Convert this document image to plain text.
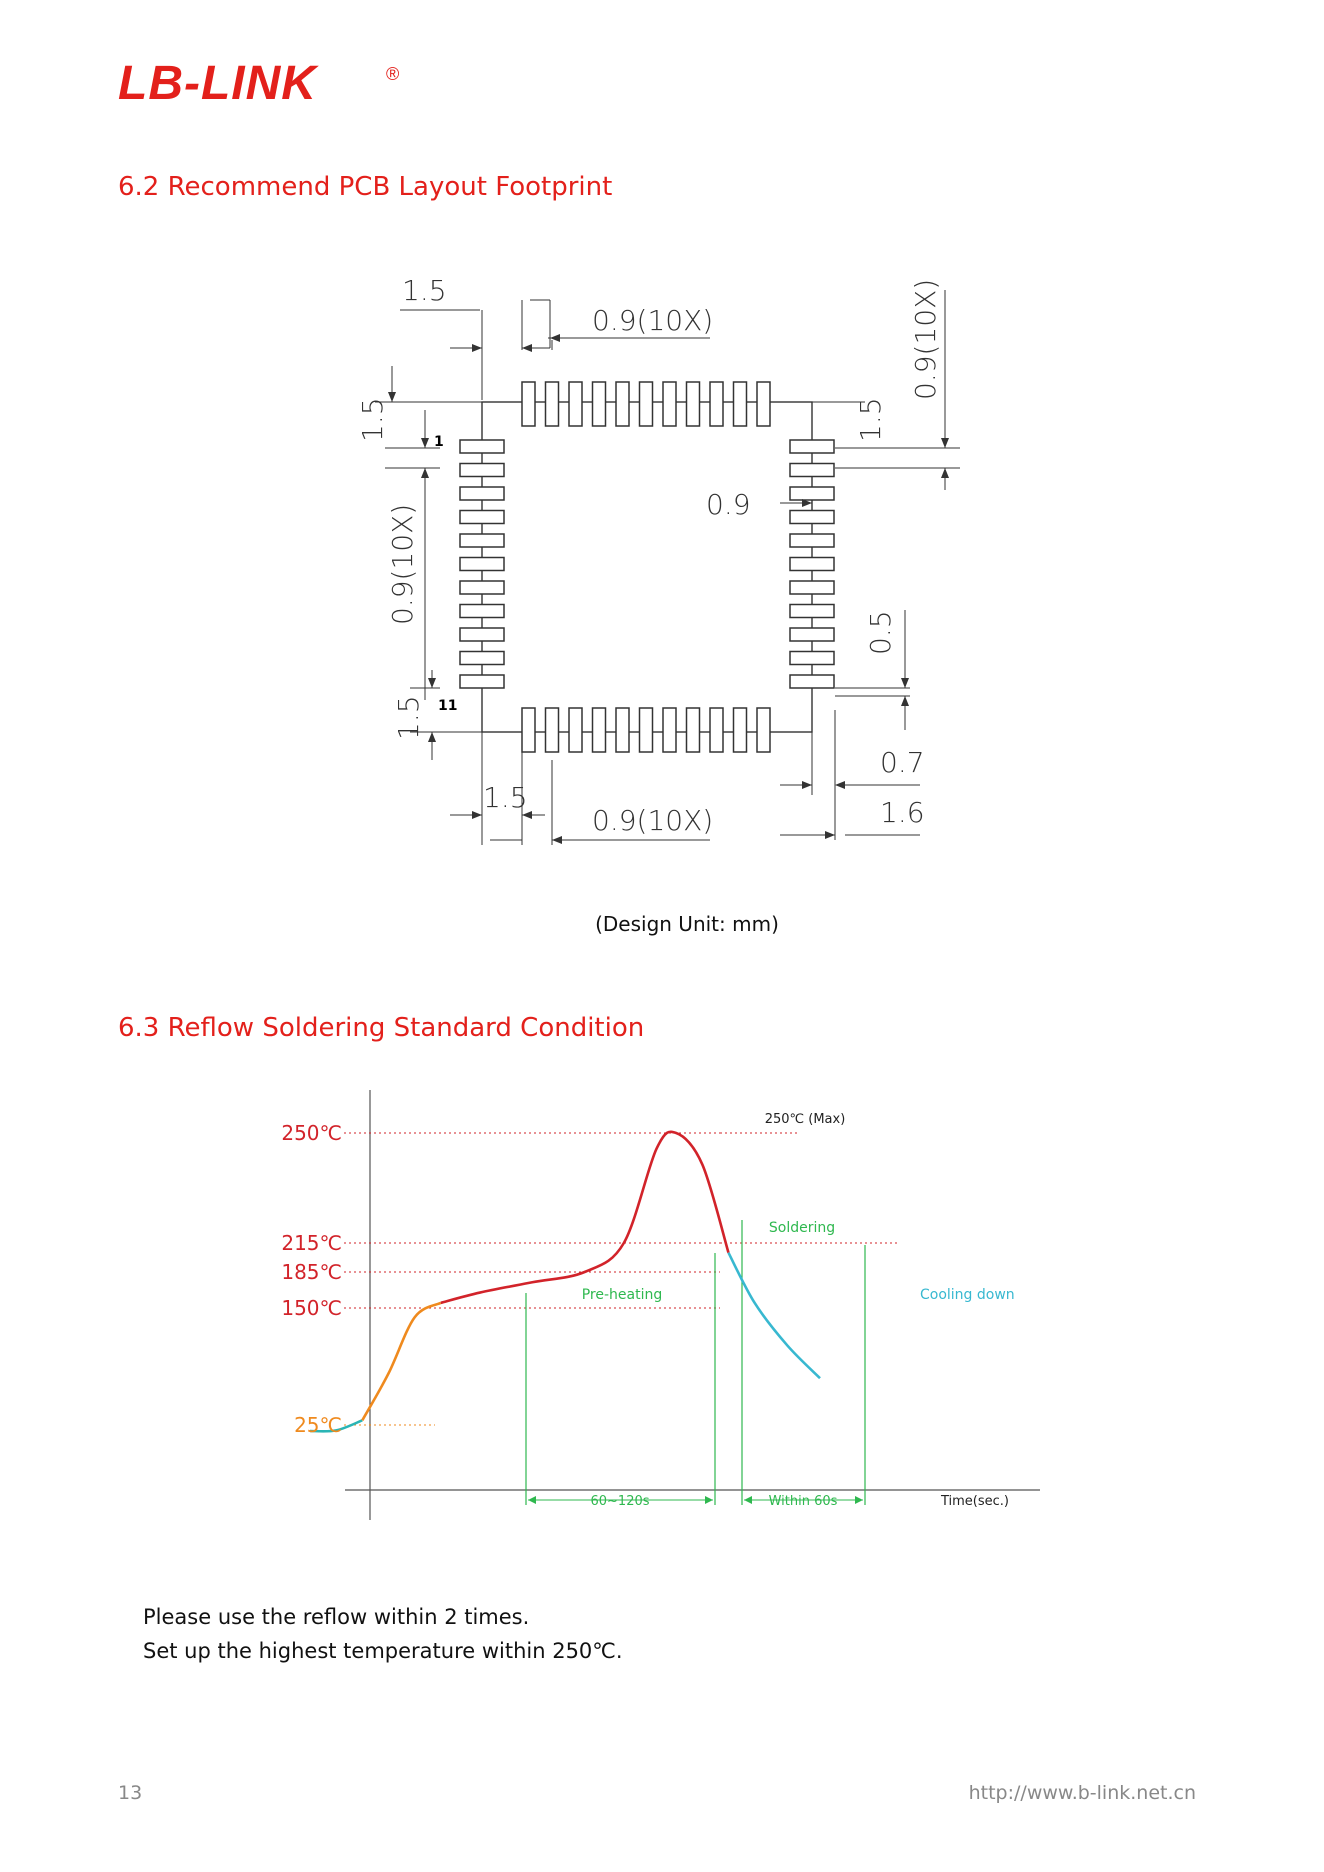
LB-LINK	®
6.2 Recommend PCB Layout Footprint
1.5
0.9(10X)	0.9(10X)
1.5	1.5
0.9
0.9(10X)
0.5
1.5
0.7
1.5
0.9(10X)	1.6
1
11
(Design Unit: mm)
6.3 Reflow Soldering Standard Condition
250℃
215℃
185℃
150℃
25℃
250℃ (Max)
Pre-heating
Soldering
Cooling down
60~120s	Within 60s	Time(sec.)
Please use the reflow within 2 times.
Set up the highest temperature within 250℃.
13	http://www.b-link.net.cn
